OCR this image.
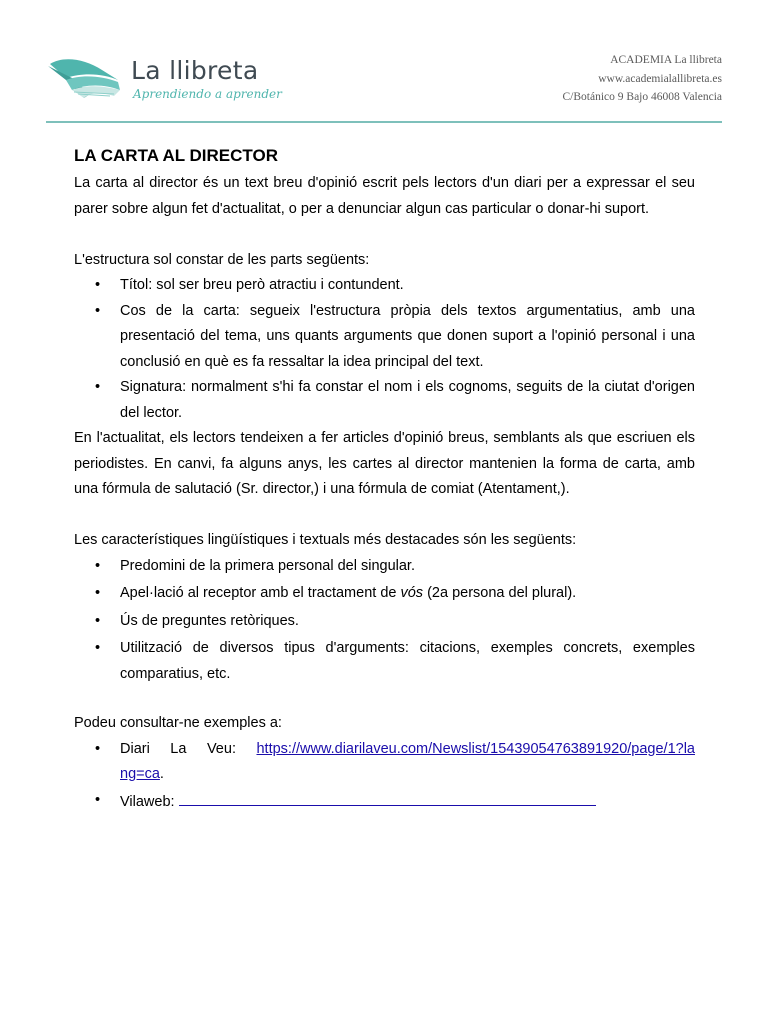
La llibreta
Aprendiendo a aprender
ACADEMIA La llibreta
www.academialallibreta.es
C/Botánico 9 Bajo 46008 Valencia
LA CARTA AL DIRECTOR

La carta al director és un text breu d'opinió escrit pels lectors d'un diari per a expressar el seu parer sobre algun fet d'actualitat, o per a denunciar algun cas particular o donar-hi suport.

L'estructura sol constar de les parts següents:

• Títol: sol ser breu però atractiu i contundent.
• Cos de la carta: segueix l'estructura pròpia dels textos argumentatius, amb una presentació del tema, uns quants arguments que donen suport a l'opinió personal i una conclusió en què es fa ressaltar la idea principal del text.
• Signatura: normalment s'hi fa constar el nom i els cognoms, seguits de la ciutat d'origen del lector.

En l'actualitat, els lectors tendeixen a fer articles d'opinió breus, semblants als que escriuen els periodistes. En canvi, fa alguns anys, les cartes al director mantenien la forma de carta, amb una fórmula de salutació (Sr. director,) i una fórmula de comiat (Atentament,).

Les característiques lingüístiques i textuals més destacades són les següents:

• Predomini de la primera personal del singular.
• Apel·lació al receptor amb el tractament de vós (2a persona del plural).
• Ús de preguntes retòriques.
• Utilització de diversos tipus d'arguments: citacions, exemples concrets, exemples comparatius, etc.

Podeu consultar-ne exemples a:

• Diari La Veu: https://www.diarilaveu.com/Newslist/15439054763891920/page/1?lang=ca.
• Vilaweb:
